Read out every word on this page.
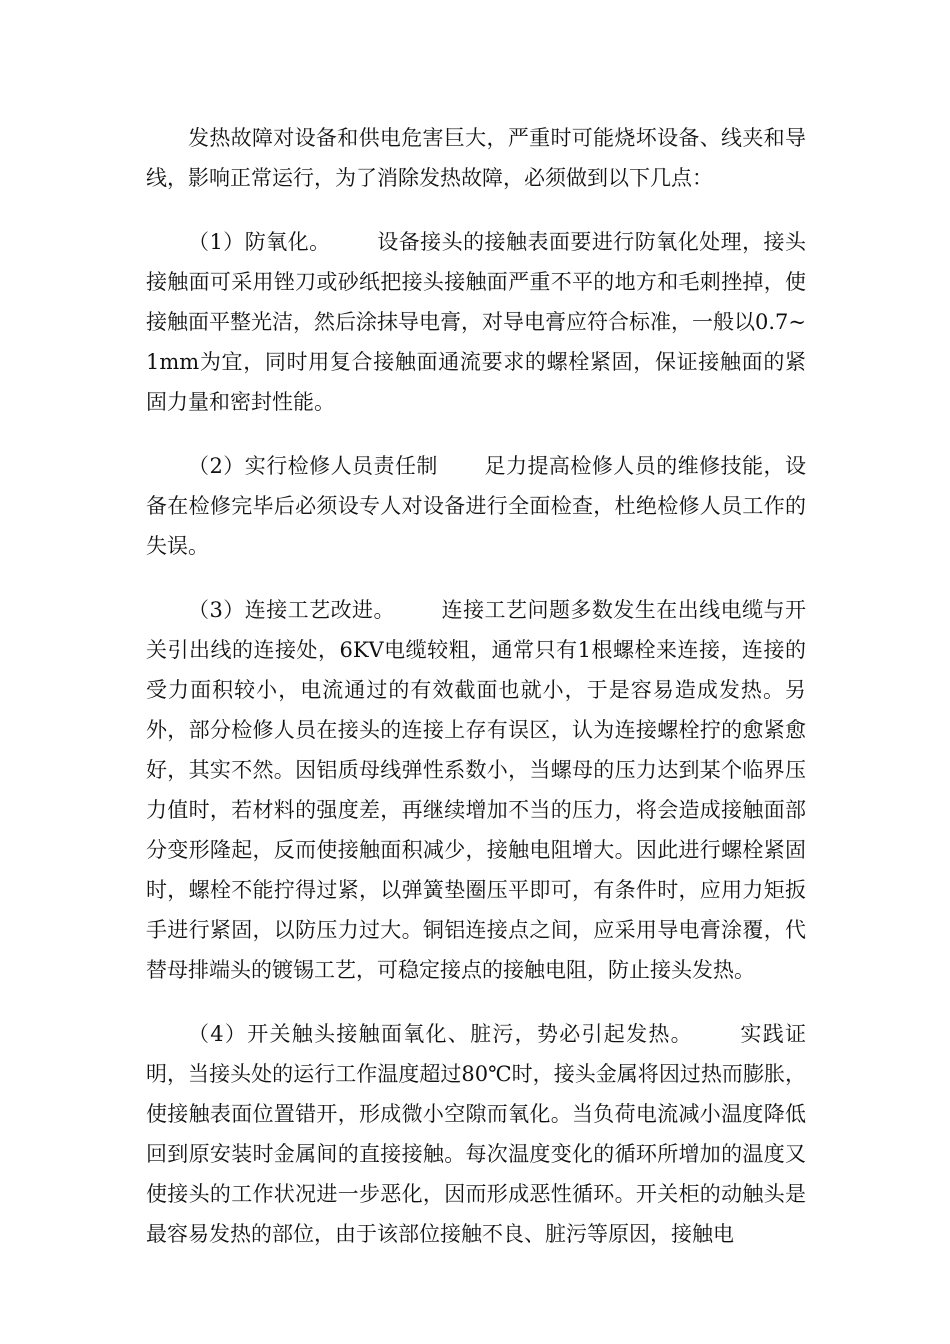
发热故障对设备和供电危害巨大，严重时可能烧坏设备、线夹和导线，影响正常运行，为了消除发热故障，必须做到以下几点：

（1）防氧化。 设备接头的接触表面要进行防氧化处理，接头接触面可采用锉刀或砂纸把接头接触面严重不平的地方和毛刺挫掉，使接触面平整光洁，然后涂抹导电膏，对导电膏应符合标准，一般以0.7~1mm为宜，同时用复合接触面通流要求的螺栓紧固，保证接触面的紧固力量和密封性能。

（2）实行检修人员责任制 足力提高检修人员的维修技能，设备在检修完毕后必须设专人对设备进行全面检查，杜绝检修人员工作的失误。

（3）连接工艺改进。 连接工艺问题多数发生在出线电缆与开关引出线的连接处，6KV电缆较粗，通常只有1根螺栓来连接，连接的受力面积较小，电流通过的有效截面也就小，于是容易造成发热。另外，部分检修人员在接头的连接上存有误区，认为连接螺栓拧的愈紧愈好，其实不然。因铝质母线弹性系数小，当螺母的压力达到某个临界压力值时，若材料的强度差，再继续增加不当的压力，将会造成接触面部分变形隆起，反而使接触面积减少，接触电阻增大。因此进行螺栓紧固时，螺栓不能拧得过紧，以弹簧垫圈压平即可，有条件时，应用力矩扳手进行紧固，以防压力过大。铜铝连接点之间，应采用导电膏涂覆，代替母排端头的镀锡工艺，可稳定接点的接触电阻，防止接头发热。

（4）开关触头接触面氧化、脏污，势必引起发热。 实践证明，当接头处的运行工作温度超过80℃时，接头金属将因过热而膨胀，使接触表面位置错开，形成微小空隙而氧化。当负荷电流减小温度降低回到原安装时金属间的直接接触。每次温度变化的循环所增加的温度又使接头的工作状况进一步恶化，因而形成恶性循环。开关柜的动触头是最容易发热的部位，由于该部位接触不良、脏污等原因，接触电
